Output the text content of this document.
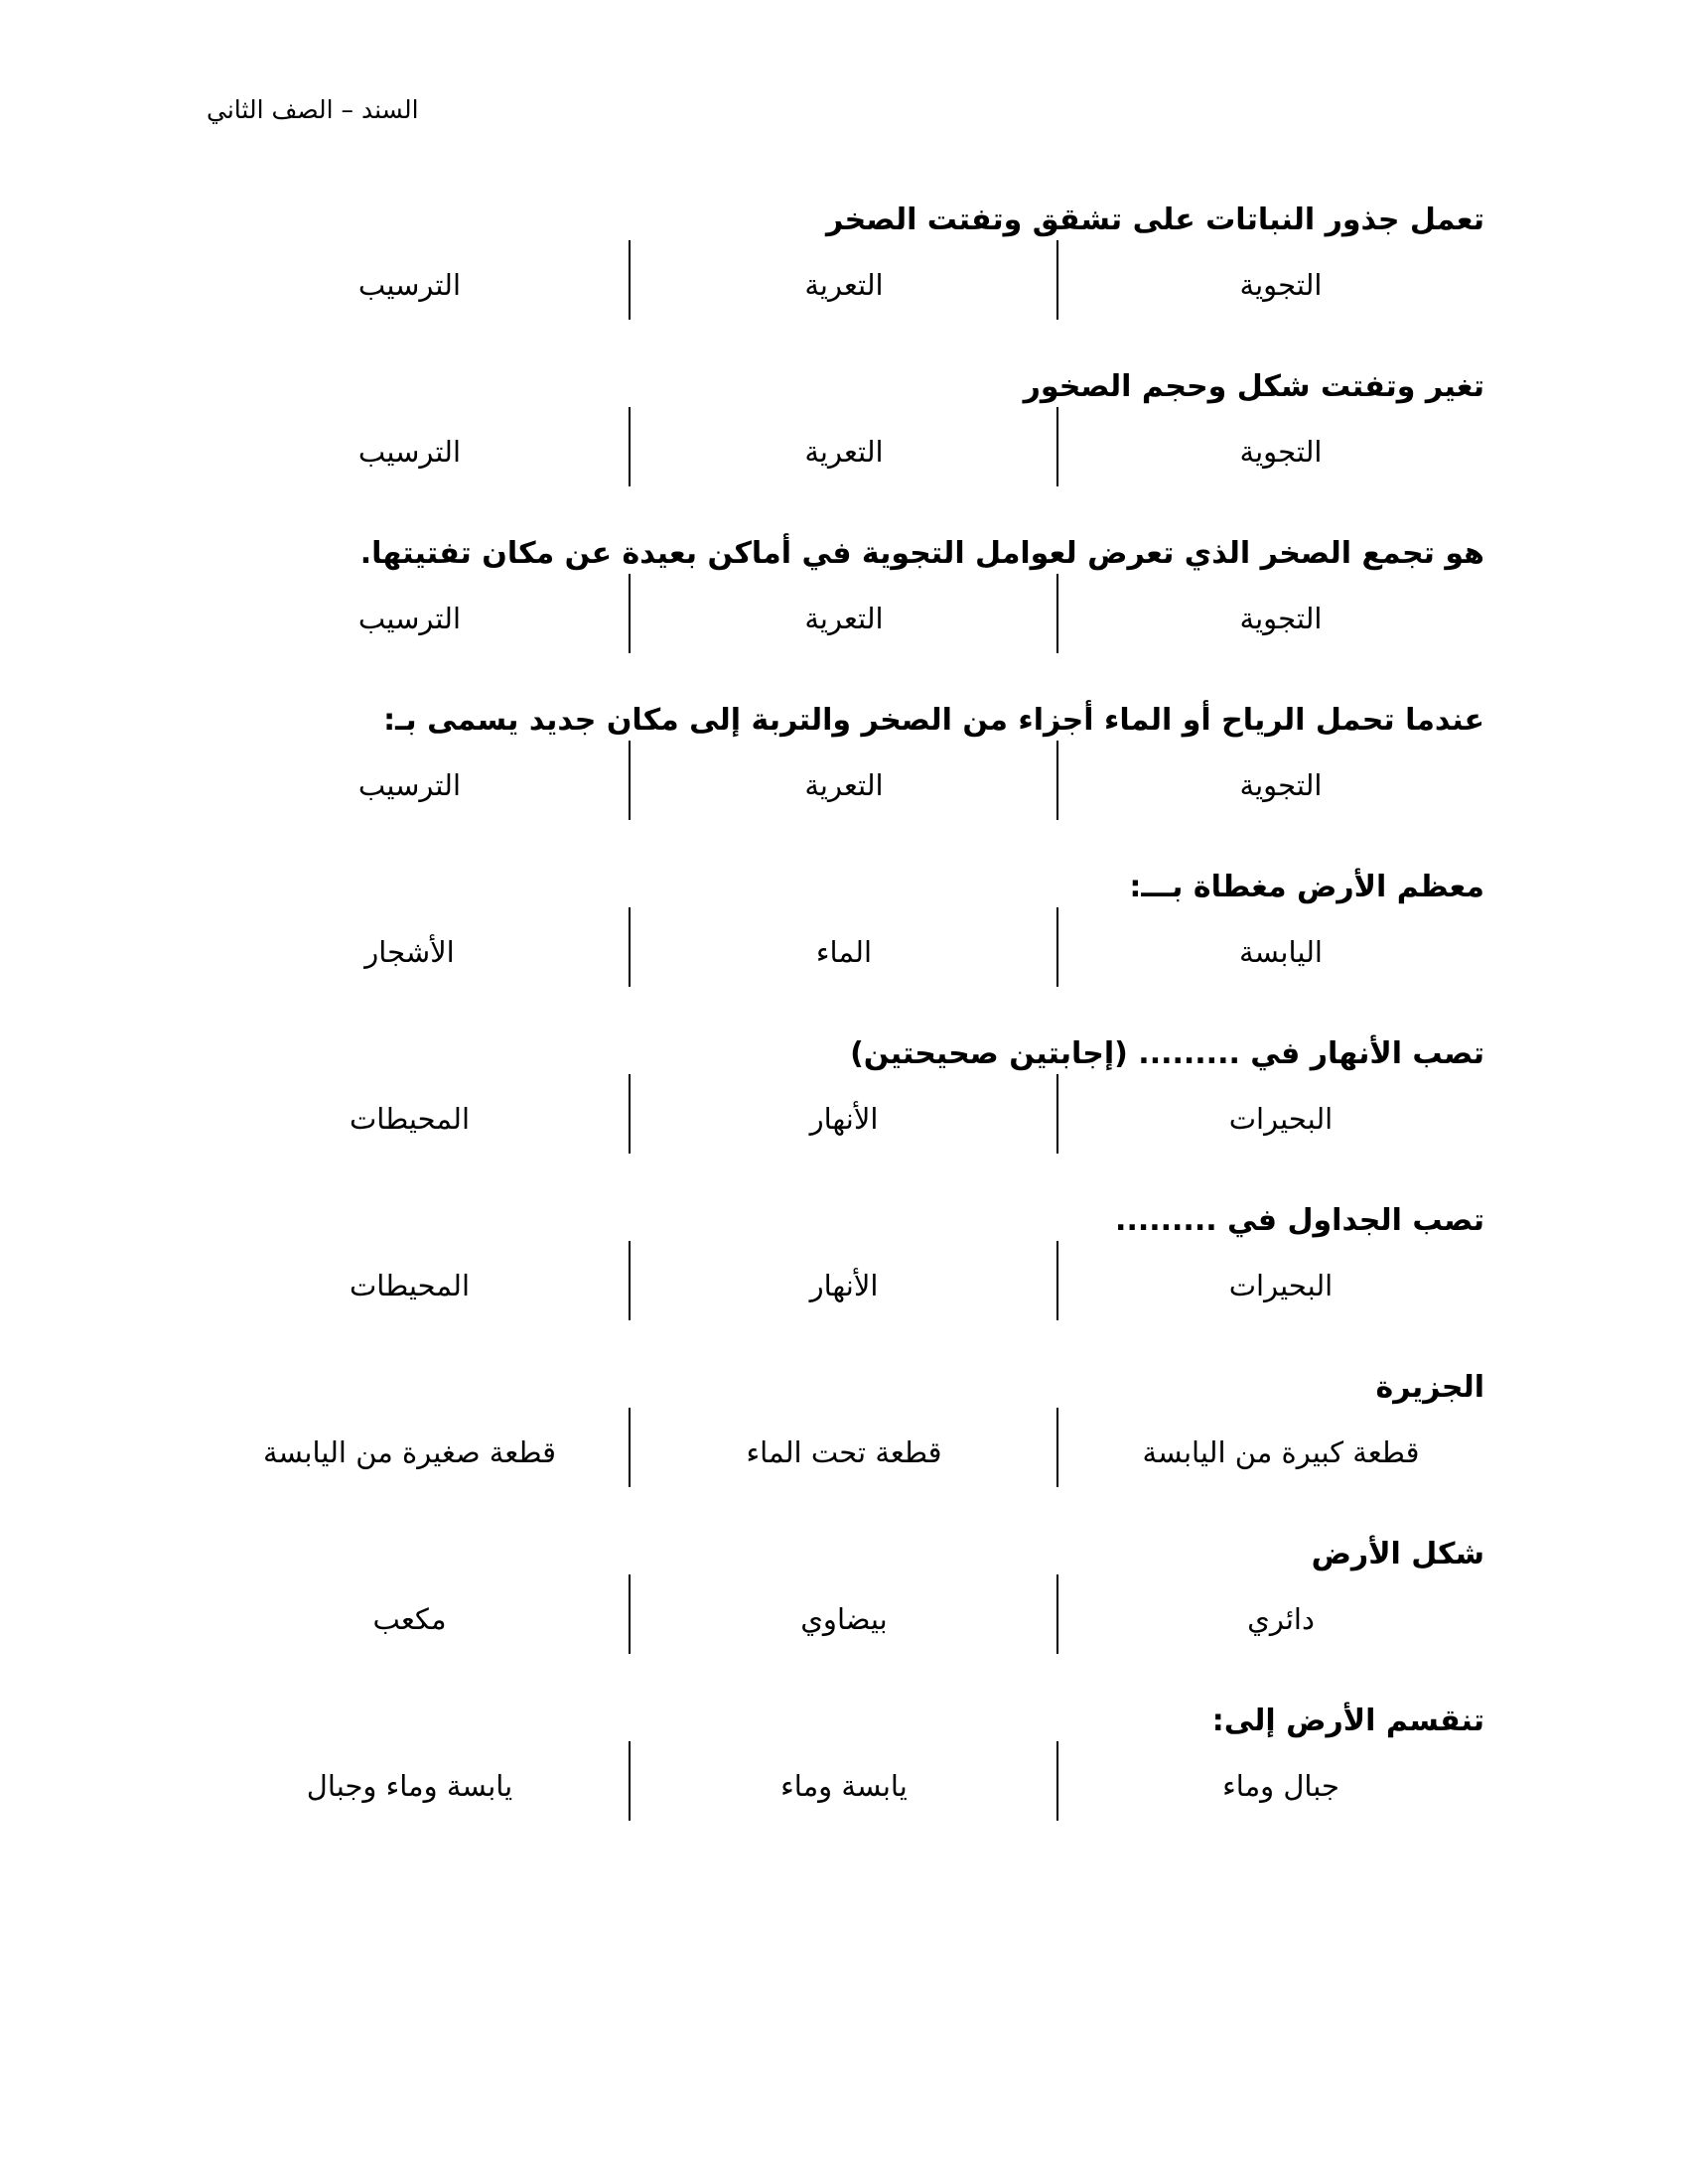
السند – الصف الثاني
تعمل جذور النباتات على تشقق وتفتت الصخر
التجوية
التعرية
الترسيب
تغير وتفتت شكل وحجم الصخور
التجوية
التعرية
الترسيب
هو تجمع الصخر الذي تعرض لعوامل التجوية في أماكن بعيدة عن مكان تفتيتها.
التجوية
التعرية
الترسيب
عندما تحمل الرياح أو الماء أجزاء من الصخر والتربة إلى مكان جديد يسمى بـ:
التجوية
التعرية
الترسيب
معظم الأرض مغطاة بـــ:
اليابسة
الماء
الأشجار
تصب الأنهار في ......... (إجابتين صحيحتين)
البحيرات
الأنهار
المحيطات
تصب الجداول في .........
البحيرات
الأنهار
المحيطات
الجزيرة
قطعة كبيرة من اليابسة
قطعة تحت الماء
قطعة صغيرة من اليابسة
شكل الأرض
دائري
بيضاوي
مكعب
تنقسم الأرض إلى:
جبال وماء
يابسة وماء
يابسة وماء وجبال
